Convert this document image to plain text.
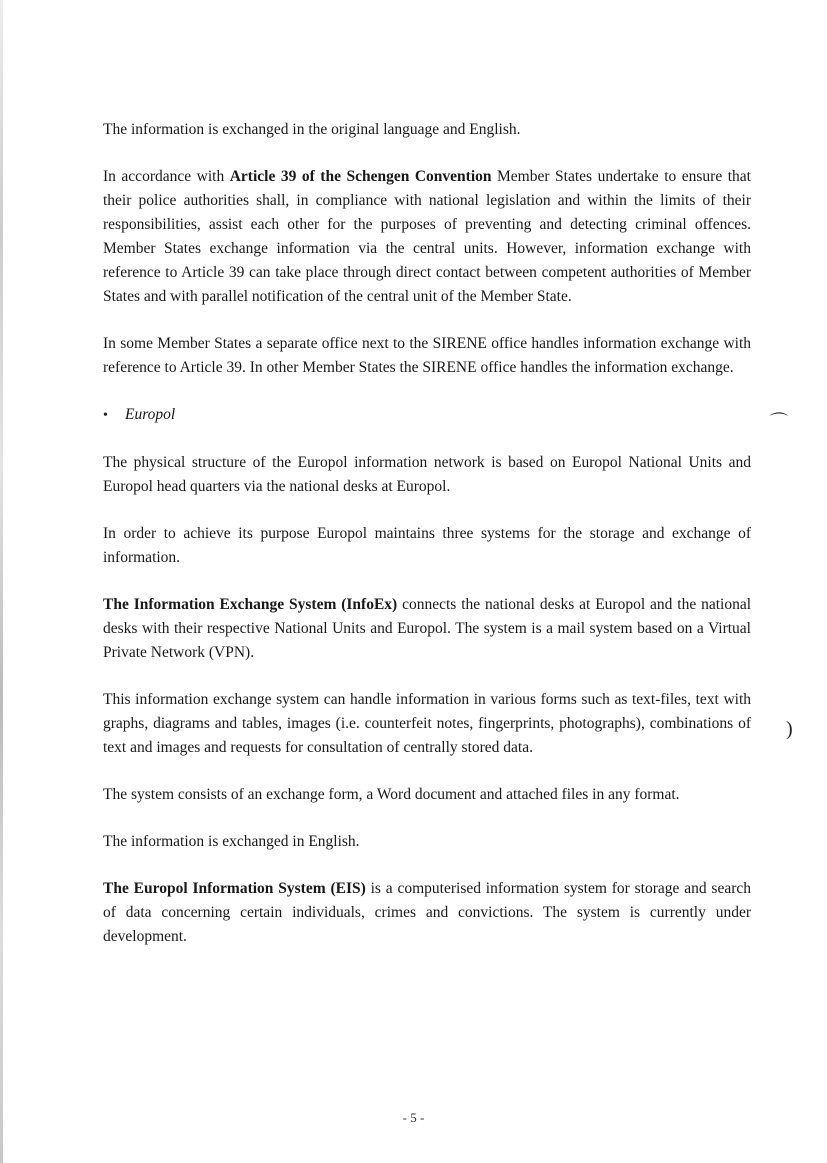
The information is exchanged in the original language and English.

In accordance with Article 39 of the Schengen Convention Member States undertake to ensure that their police authorities shall, in compliance with national legislation and within the limits of their responsibilities, assist each other for the purposes of preventing and detecting criminal offences. Member States exchange information via the central units. However, information exchange with reference to Article 39 can take place through direct contact between competent authorities of Member States and with parallel notification of the central unit of the Member State.

In some Member States a separate office next to the SIRENE office handles information exchange with reference to Article 39. In other Member States the SIRENE office handles the information exchange.

•	Europol

The physical structure of the Europol information network is based on Europol National Units and Europol head quarters via the national desks at Europol.

In order to achieve its purpose Europol maintains three systems for the storage and exchange of information.

The Information Exchange System (InfoEx) connects the national desks at Europol and the national desks with their respective National Units and Europol. The system is a mail system based on a Virtual Private Network (VPN).

This information exchange system can handle information in various forms such as text-files, text with graphs, diagrams and tables, images (i.e. counterfeit notes, fingerprints, photographs), combinations of text and images and requests for consultation of centrally stored data.

The system consists of an exchange form, a Word document and attached files in any format.

The information is exchanged in English.

The Europol Information System (EIS) is a computerised information system for storage and search of data concerning certain individuals, crimes and convictions. The system is currently under development.

⌒
)
- 5 -
